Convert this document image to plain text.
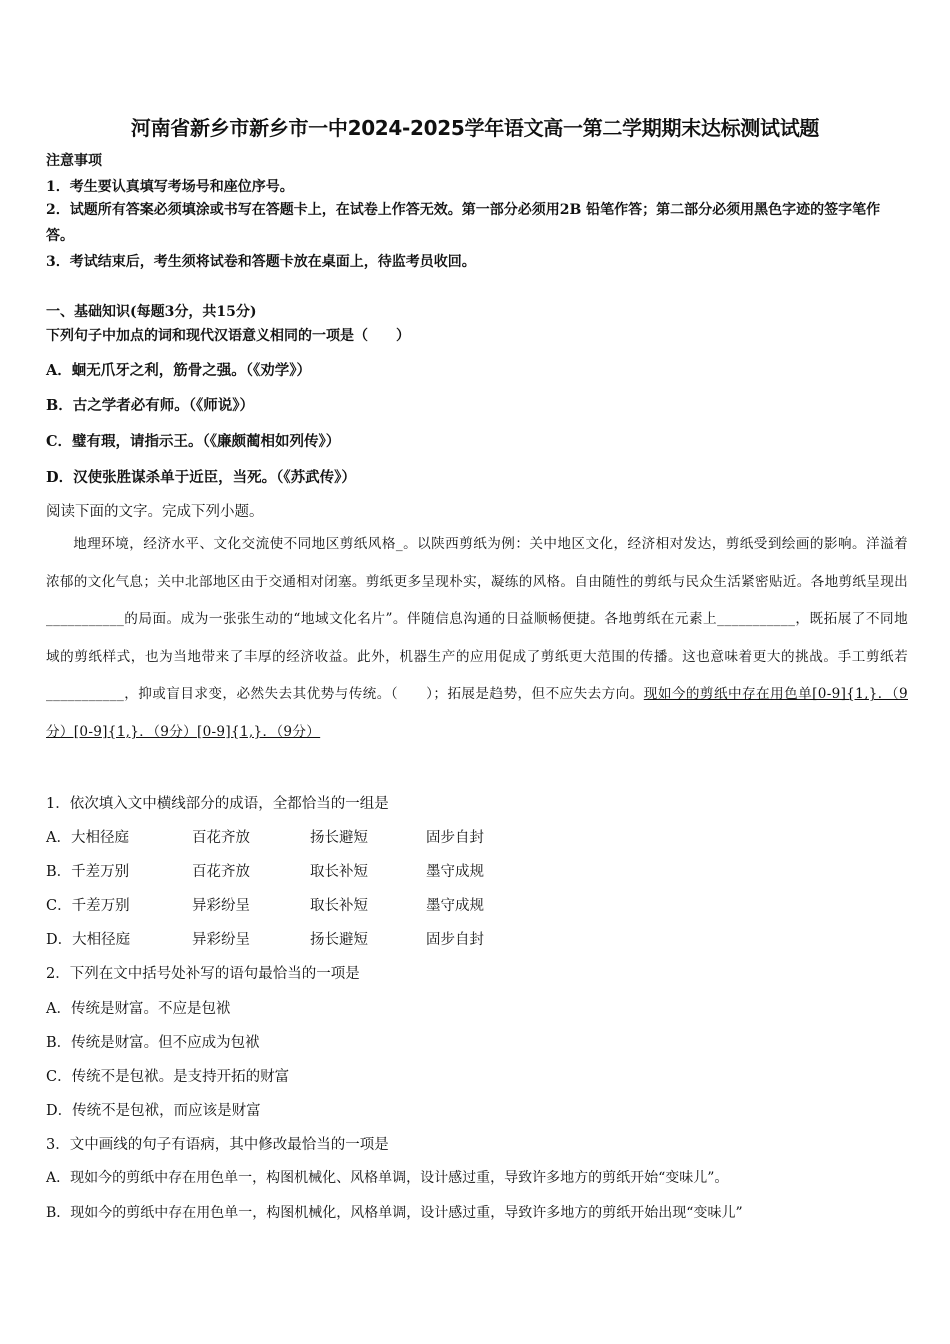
河南省新乡市新乡市一中2024-2025学年语文高一第二学期期末达标测试试题
注意事项
1．考生要认真填写考场号和座位序号。
2．试题所有答案必须填涂或书写在答题卡上，在试卷上作答无效。第一部分必须用2B 铅笔作答；第二部分必须用黑色字迹的签字笔作答。
3．考试结束后，考生须将试卷和答题卡放在桌面上，待监考员收回。
一、基础知识(每题3分，共15分)
下列句子中加点的词和现代汉语意义相同的一项是（　　）
A．蛔无爪牙之利，筋骨之强。（《劝学》）
B．古之学者必有师。（《师说》）
C．璧有瑕，请指示王。（《廉颇蔺相如列传》）
D．汉使张胜谋杀单于近臣，当死。（《苏武传》）
阅读下面的文字。完成下列小题。
地理环境，经济水平、文化交流使不同地区剪纸风格_。以陕西剪纸为例：关中地区文化，经济相对发达，剪纸受到绘画的影响。洋溢着浓郁的文化气息；关中北部地区由于交通相对闭塞。剪纸更多呈现朴实，凝练的风格。自由随性的剪纸与民众生活紧密贴近。各地剪纸呈现出___________的局面。成为一张张生动的“地域文化名片”。伴随信息沟通的日益顺畅便捷。各地剪纸在元素上___________，既拓展了不同地域的剪纸样式，也为当地带来了丰厚的经济收益。此外，机器生产的应用促成了剪纸更大范围的传播。这也意味着更大的挑战。手工剪纸若___________，抑或盲目求变，必然失去其优势与传统。（　　）；拓展是趋势，但不应失去方向。现如今的剪纸中存在用色单[0-9]{1,}．（9分）[0-9]{1,}．（9分）[0-9]{1,}．（9分）
1．依次填入文中横线部分的成语，全都恰当的一组是
A．大相径庭	百花齐放	扬长避短	固步自封
B．千差万别	百花齐放	取长补短	墨守成规
C．千差万别	异彩纷呈	取长补短	墨守成规
D．大相径庭	异彩纷呈	扬长避短	固步自封
2．下列在文中括号处补写的语句最恰当的一项是
A．传统是财富。不应是包袱
B．传统是财富。但不应成为包袱
C．传统不是包袱。是支持开拓的财富
D．传统不是包袱，而应该是财富
3．文中画线的句子有语病，其中修改最恰当的一项是
A．现如今的剪纸中存在用色单一，构图机械化、风格单调，设计感过重，导致许多地方的剪纸开始“变味儿”。
B．现如今的剪纸中存在用色单一，构图机械化，风格单调，设计感过重，导致许多地方的剪纸开始出现“变味儿”
